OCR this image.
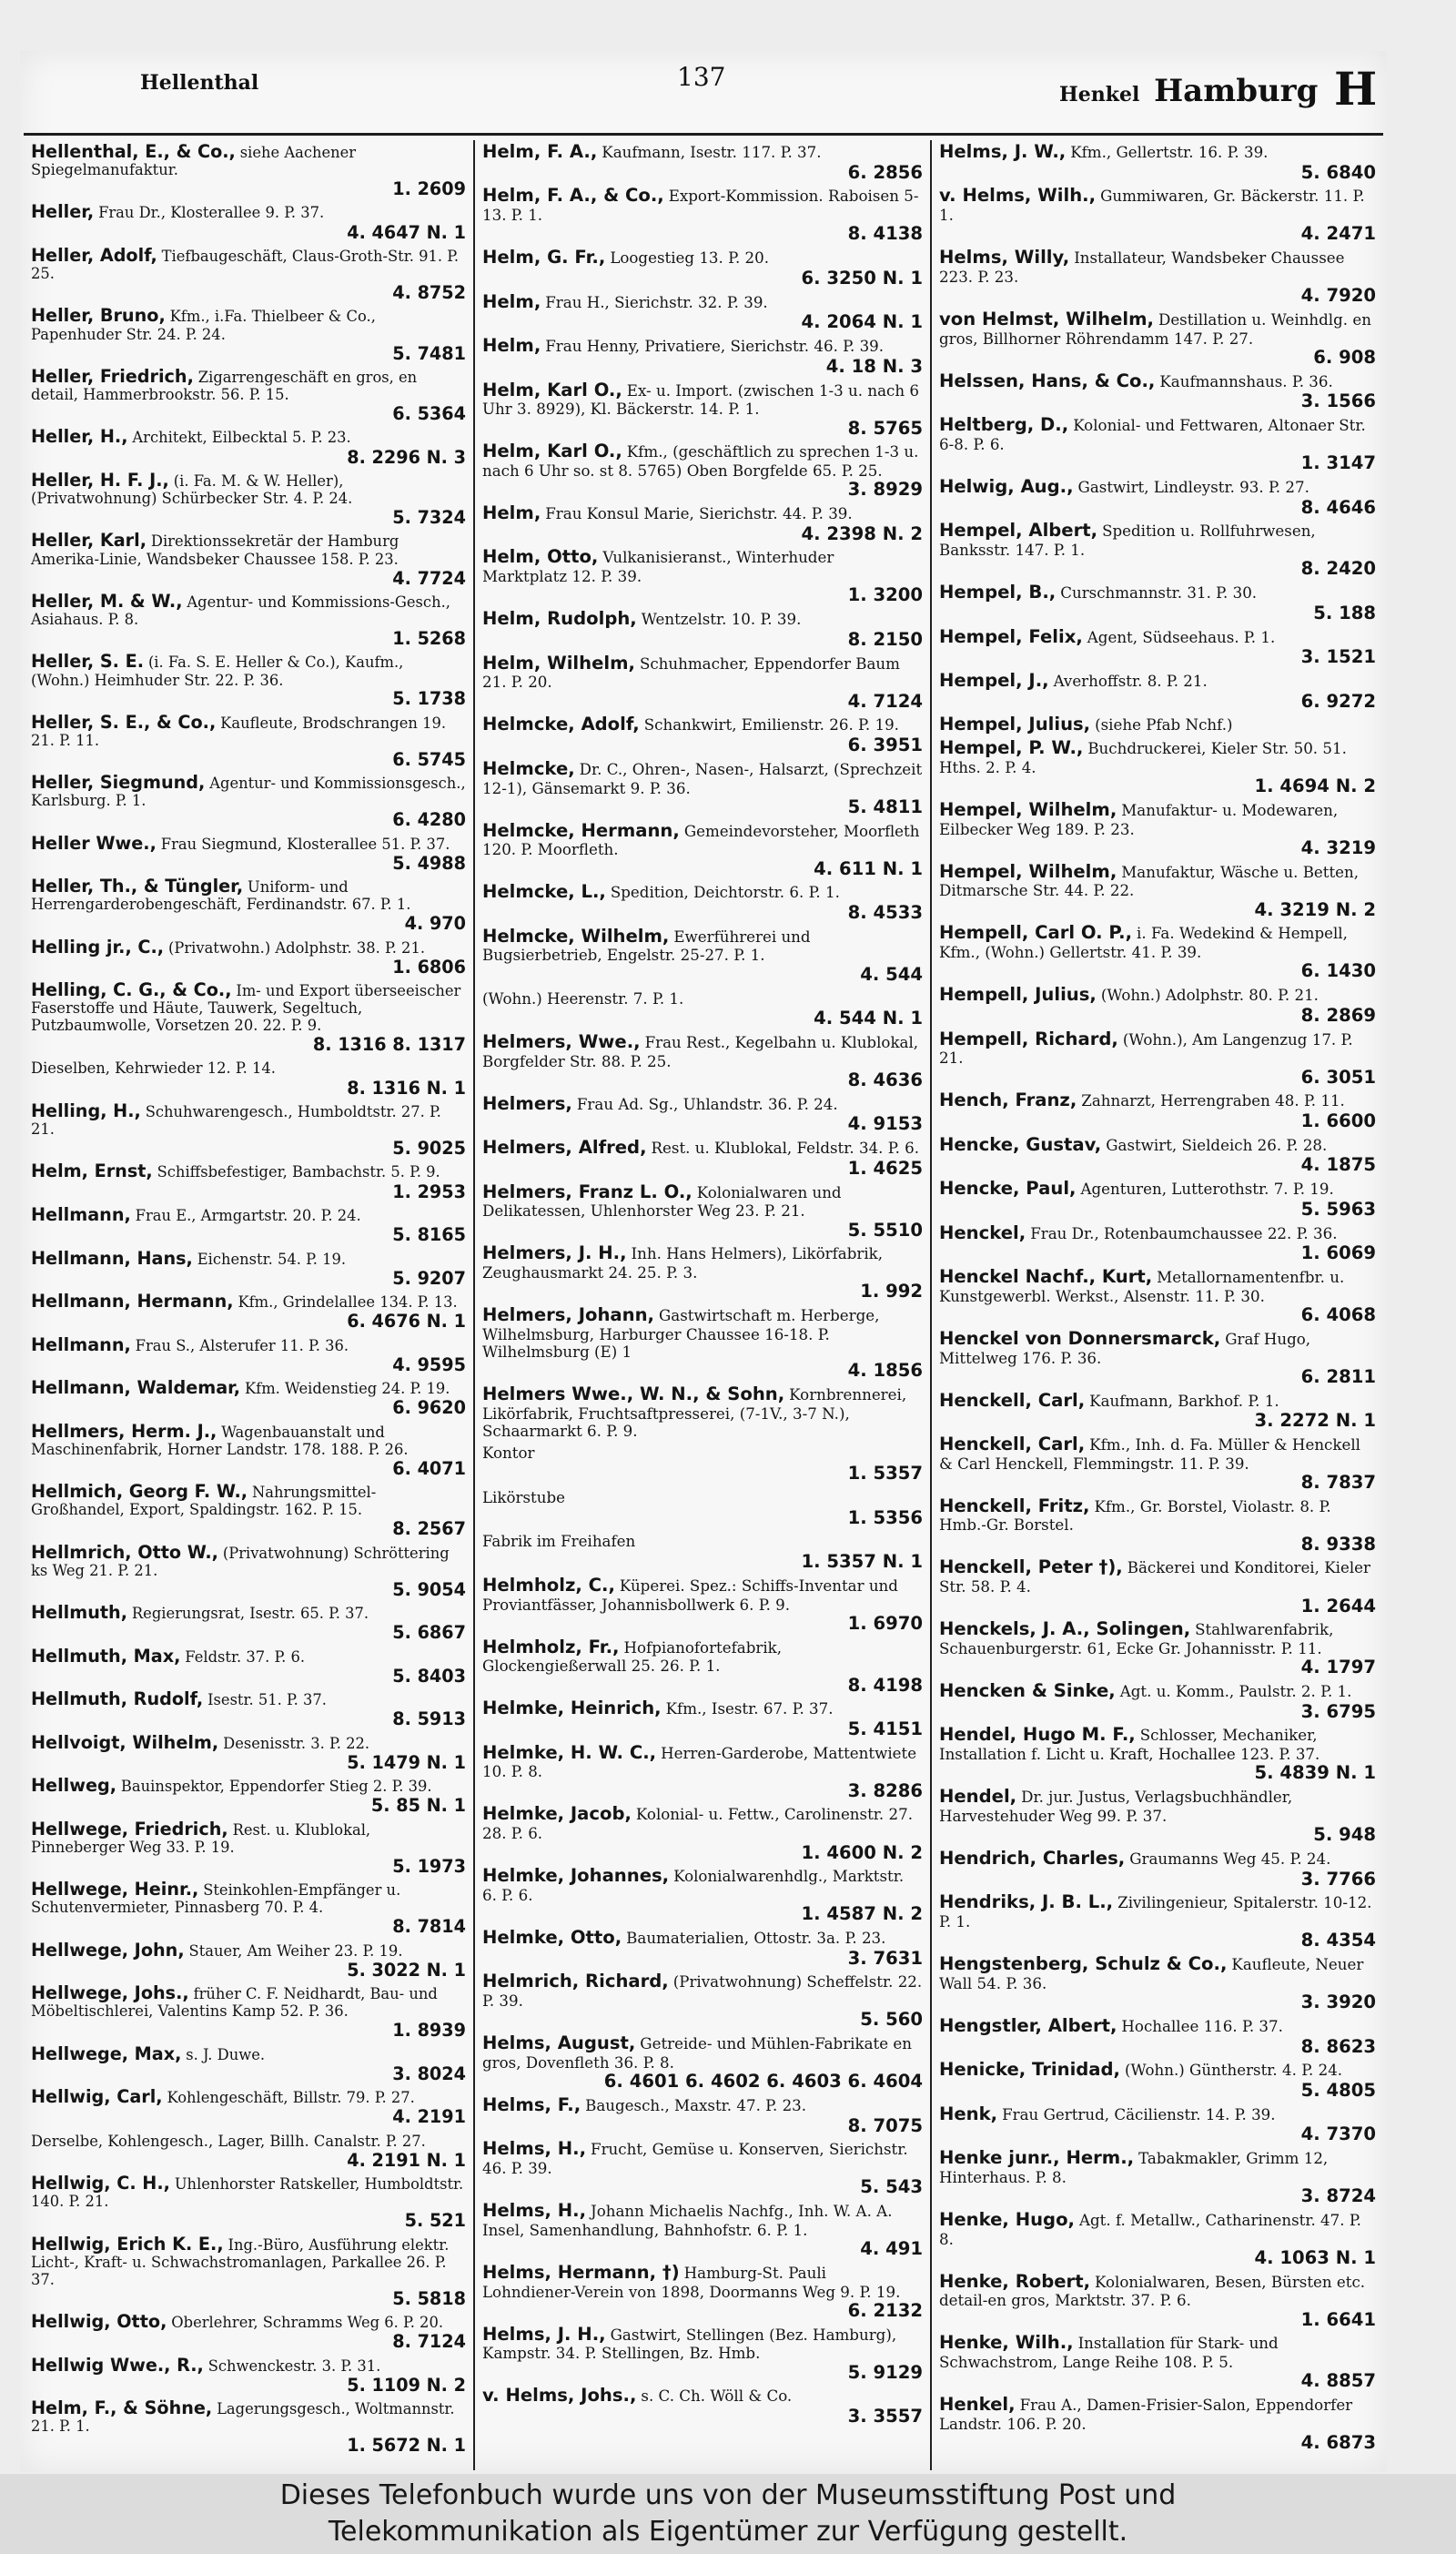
Hellenthal	137
Henkel Hamburg H
Hellenthal, E., & Co., siehe Aachener Spiegelmanufaktur.
1. 2609
Heller, Frau Dr., Klosterallee 9. P. 37.
4. 4647 N. 1
Heller, Adolf, Tiefbaugeschäft, Claus-Groth-Str. 91. P. 25.
4. 8752
Heller, Bruno, Kfm., i.Fa. Thielbeer & Co., Papenhuder Str. 24. P. 24.
5. 7481
Heller, Friedrich, Zigarrengeschäft en gros, en detail, Hammerbrookstr. 56. P. 15.
6. 5364
Heller, H., Architekt, Eilbecktal 5. P. 23.
8. 2296 N. 3
Heller, H. F. J., (i. Fa. M. & W. Heller), (Privatwohnung) Schürbecker Str. 4. P. 24.
5. 7324
Heller, Karl, Direktionssekretär der Hamburg Amerika-Linie, Wandsbeker Chaussee 158. P. 23.
4. 7724
Heller, M. & W., Agentur- und Kommissions-Gesch., Asiahaus. P. 8.
1. 5268
Heller, S. E. (i. Fa. S. E. Heller & Co.), Kaufm., (Wohn.) Heimhuder Str. 22. P. 36.
5. 1738
Heller, S. E., & Co., Kaufleute, Brodschrangen 19. 21. P. 11.
6. 5745
Heller, Siegmund, Agentur- und Kommissionsgesch., Karlsburg. P. 1.
6. 4280
Heller Wwe., Frau Siegmund, Klosterallee 51. P. 37.
5. 4988
Heller, Th., & Tüngler, Uniform- und Herrengarderobengeschäft, Ferdinandstr. 67. P. 1.
4. 970
Helling jr., C., (Privatwohn.) Adolphstr. 38. P. 21.
1. 6806
Helling, C. G., & Co., Im- und Export überseeischer Faserstoffe und Häute, Tauwerk, Segeltuch, Putzbaumwolle, Vorsetzen 20. 22. P. 9.
8. 1316 8. 1317
Dieselben, Kehrwieder 12. P. 14.
8. 1316 N. 1
Helling, H., Schuhwarengesch., Humboldtstr. 27. P. 21.
5. 9025
Helm, Ernst, Schiffsbefestiger, Bambachstr. 5. P. 9.
1. 2953
Hellmann, Frau E., Armgartstr. 20. P. 24.
5. 8165
Hellmann, Hans, Eichenstr. 54. P. 19.
5. 9207
Hellmann, Hermann, Kfm., Grindelallee 134. P. 13.
6. 4676 N. 1
Hellmann, Frau S., Alsterufer 11. P. 36.
4. 9595
Hellmann, Waldemar, Kfm. Weidenstieg 24. P. 19.
6. 9620
Hellmers, Herm. J., Wagenbauanstalt und Maschinenfabrik, Horner Landstr. 178. 188. P. 26.
6. 4071
Hellmich, Georg F. W., Nahrungsmittel-Großhandel, Export, Spaldingstr. 162. P. 15.
8. 2567
Hellmrich, Otto W., (Privatwohnung) Schröttering ks Weg 21. P. 21.
5. 9054
Hellmuth, Regierungsrat, Isestr. 65. P. 37.
5. 6867
Hellmuth, Max, Feldstr. 37. P. 6.
5. 8403
Hellmuth, Rudolf, Isestr. 51. P. 37.
8. 5913
Hellvoigt, Wilhelm, Desenisstr. 3. P. 22.
5. 1479 N. 1
Hellweg, Bauinspektor, Eppendorfer Stieg 2. P. 39.
5. 85 N. 1
Hellwege, Friedrich, Rest. u. Klublokal, Pinneberger Weg 33. P. 19.
5. 1973
Hellwege, Heinr., Steinkohlen-Empfänger u. Schutenvermieter, Pinnasberg 70. P. 4.
8. 7814
Hellwege, John, Stauer, Am Weiher 23. P. 19.
5. 3022 N. 1
Hellwege, Johs., früher C. F. Neidhardt, Bau- und Möbeltischlerei, Valentins Kamp 52. P. 36.
1. 8939
Hellwege, Max, s. J. Duwe.
3. 8024
Hellwig, Carl, Kohlengeschäft, Billstr. 79. P. 27.
4. 2191
Derselbe, Kohlengesch., Lager, Billh. Canalstr. P. 27.
4. 2191 N. 1
Hellwig, C. H., Uhlenhorster Ratskeller, Humboldtstr. 140. P. 21.
5. 521
Hellwig, Erich K. E., Ing.-Büro, Ausführung elektr. Licht-, Kraft- u. Schwachstromanlagen, Parkallee 26. P. 37.
5. 5818
Hellwig, Otto, Oberlehrer, Schramms Weg 6. P. 20.
8. 7124
Hellwig Wwe., R., Schwenckestr. 3. P. 31.
5. 1109 N. 2
Helm, F., & Söhne, Lagerungsgesch., Woltmannstr. 21. P. 1.
1. 5672 N. 1
Helm, F. A., Kaufmann, Isestr. 117. P. 37.
6. 2856
Helm, F. A., & Co., Export-Kommission. Raboisen 5-13. P. 1.
8. 4138
Helm, G. Fr., Loogestieg 13. P. 20.
6. 3250 N. 1
Helm, Frau H., Sierichstr. 32. P. 39.
4. 2064 N. 1
Helm, Frau Henny, Privatiere, Sierichstr. 46. P. 39.
4. 18 N. 3
Helm, Karl O., Ex- u. Import. (zwischen 1-3 u. nach 6 Uhr 3. 8929), Kl. Bäckerstr. 14. P. 1.
8. 5765
Helm, Karl O., Kfm., (geschäftlich zu sprechen 1-3 u. nach 6 Uhr so. st 8. 5765) Oben Borgfelde 65. P. 25.
3. 8929
Helm, Frau Konsul Marie, Sierichstr. 44. P. 39.
4. 2398 N. 2
Helm, Otto, Vulkanisieranst., Winterhuder Marktplatz 12. P. 39.
1. 3200
Helm, Rudolph, Wentzelstr. 10. P. 39.
8. 2150
Helm, Wilhelm, Schuhmacher, Eppendorfer Baum 21. P. 20.
4. 7124
Helmcke, Adolf, Schankwirt, Emilienstr. 26. P. 19.
6. 3951
Helmcke, Dr. C., Ohren-, Nasen-, Halsarzt, (Sprechzeit 12-1), Gänsemarkt 9. P. 36.
5. 4811
Helmcke, Hermann, Gemeindevorsteher, Moorfleth 120. P. Moorfleth.
4. 611 N. 1
Helmcke, L., Spedition, Deichtorstr. 6. P. 1.
8. 4533
Helmcke, Wilhelm, Ewerführerei und Bugsierbetrieb, Engelstr. 25-27. P. 1.
4. 544
(Wohn.) Heerenstr. 7. P. 1.
4. 544 N. 1
Helmers, Wwe., Frau Rest., Kegelbahn u. Klublokal, Borgfelder Str. 88. P. 25.
8. 4636
Helmers, Frau Ad. Sg., Uhlandstr. 36. P. 24.
4. 9153
Helmers, Alfred, Rest. u. Klublokal, Feldstr. 34. P. 6.
1. 4625
Helmers, Franz L. O., Kolonialwaren und Delikatessen, Uhlenhorster Weg 23. P. 21.
5. 5510
Helmers, J. H., Inh. Hans Helmers), Likörfabrik, Zeughausmarkt 24. 25. P. 3.
1. 992
Helmers, Johann, Gastwirtschaft m. Herberge, Wilhelmsburg, Harburger Chaussee 16-18. P. Wilhelmsburg (E) 1
4. 1856
Helmers Wwe., W. N., & Sohn, Kornbrennerei, Likörfabrik, Fruchtsaftpresserei, (7-1V., 3-7 N.), Schaarmarkt 6. P. 9.
Kontor
1. 5357
Likörstube
1. 5356
Fabrik im Freihafen
1. 5357 N. 1
Helmholz, C., Küperei. Spez.: Schiffs-Inventar und Proviantfässer, Johannisbollwerk 6. P. 9.
1. 6970
Helmholz, Fr., Hofpianofortefabrik, Glockengießerwall 25. 26. P. 1.
8. 4198
Helmke, Heinrich, Kfm., Isestr. 67. P. 37.
5. 4151
Helmke, H. W. C., Herren-Garderobe, Mattentwiete 10. P. 8.
3. 8286
Helmke, Jacob, Kolonial- u. Fettw., Carolinenstr. 27. 28. P. 6.
1. 4600 N. 2
Helmke, Johannes, Kolonialwarenhdlg., Marktstr. 6. P. 6.
1. 4587 N. 2
Helmke, Otto, Baumaterialien, Ottostr. 3a. P. 23.
3. 7631
Helmrich, Richard, (Privatwohnung) Scheffelstr. 22. P. 39.
5. 560
Helms, August, Getreide- und Mühlen-Fabrikate en gros, Dovenfleth 36. P. 8.
6. 4601 6. 4602 6. 4603 6. 4604
Helms, F., Baugesch., Maxstr. 47. P. 23.
8. 7075
Helms, H., Frucht, Gemüse u. Konserven, Sierichstr. 46. P. 39.
5. 543
Helms, H., Johann Michaelis Nachfg., Inh. W. A. A. Insel, Samenhandlung, Bahnhofstr. 6. P. 1.
4. 491
Helms, Hermann, †) Hamburg-St. Pauli Lohndiener-Verein von 1898, Doormanns Weg 9. P. 19.
6. 2132
Helms, J. H., Gastwirt, Stellingen (Bez. Hamburg), Kampstr. 34. P. Stellingen, Bz. Hmb.
5. 9129
v. Helms, Johs., s. C. Ch. Wöll & Co.
3. 3557
Helms, J. W., Kfm., Gellertstr. 16. P. 39.
5. 6840
v. Helms, Wilh., Gummiwaren, Gr. Bäckerstr. 11. P. 1.
4. 2471
Helms, Willy, Installateur, Wandsbeker Chaussee 223. P. 23.
4. 7920
von Helmst, Wilhelm, Destillation u. Weinhdlg. en gros, Billhorner Röhrendamm 147. P. 27.
6. 908
Helssen, Hans, & Co., Kaufmannshaus. P. 36.
3. 1566
Heltberg, D., Kolonial- und Fettwaren, Altonaer Str. 6-8. P. 6.
1. 3147
Helwig, Aug., Gastwirt, Lindleystr. 93. P. 27.
8. 4646
Hempel, Albert, Spedition u. Rollfuhrwesen, Banksstr. 147. P. 1.
8. 2420
Hempel, B., Curschmannstr. 31. P. 30.
5. 188
Hempel, Felix, Agent, Südseehaus. P. 1.
3. 1521
Hempel, J., Averhoffstr. 8. P. 21.
6. 9272
Hempel, Julius, (siehe Pfab Nchf.)
Hempel, P. W., Buchdruckerei, Kieler Str. 50. 51. Hths. 2. P. 4.
1. 4694 N. 2
Hempel, Wilhelm, Manufaktur- u. Modewaren, Eilbecker Weg 189. P. 23.
4. 3219
Hempel, Wilhelm, Manufaktur, Wäsche u. Betten, Ditmarsche Str. 44. P. 22.
4. 3219 N. 2
Hempell, Carl O. P., i. Fa. Wedekind & Hempell, Kfm., (Wohn.) Gellertstr. 41. P. 39.
6. 1430
Hempell, Julius, (Wohn.) Adolphstr. 80. P. 21.
8. 2869
Hempell, Richard, (Wohn.), Am Langenzug 17. P. 21.
6. 3051
Hench, Franz, Zahnarzt, Herrengraben 48. P. 11.
1. 6600
Hencke, Gustav, Gastwirt, Sieldeich 26. P. 28.
4. 1875
Hencke, Paul, Agenturen, Lutterothstr. 7. P. 19.
5. 5963
Henckel, Frau Dr., Rotenbaumchaussee 22. P. 36.
1. 6069
Henckel Nachf., Kurt, Metallornamentenfbr. u. Kunstgewerbl. Werkst., Alsenstr. 11. P. 30.
6. 4068
Henckel von Donnersmarck, Graf Hugo, Mittelweg 176. P. 36.
6. 2811
Henckell, Carl, Kaufmann, Barkhof. P. 1.
3. 2272 N. 1
Henckell, Carl, Kfm., Inh. d. Fa. Müller & Henckell & Carl Henckell, Flemmingstr. 11. P. 39.
8. 7837
Henckell, Fritz, Kfm., Gr. Borstel, Violastr. 8. P. Hmb.-Gr. Borstel.
8. 9338
Henckell, Peter †), Bäckerei und Konditorei, Kieler Str. 58. P. 4.
1. 2644
Henckels, J. A., Solingen, Stahlwarenfabrik, Schauenburgerstr. 61, Ecke Gr. Johannisstr. P. 11.
4. 1797
Hencken & Sinke, Agt. u. Komm., Paulstr. 2. P. 1.
3. 6795
Hendel, Hugo M. F., Schlosser, Mechaniker, Installation f. Licht u. Kraft, Hochallee 123. P. 37.
5. 4839 N. 1
Hendel, Dr. jur. Justus, Verlagsbuchhändler, Harvestehuder Weg 99. P. 37.
5. 948
Hendrich, Charles, Graumanns Weg 45. P. 24.
3. 7766
Hendriks, J. B. L., Zivilingenieur, Spitalerstr. 10-12. P. 1.
8. 4354
Hengstenberg, Schulz & Co., Kaufleute, Neuer Wall 54. P. 36.
3. 3920
Hengstler, Albert, Hochallee 116. P. 37.
8. 8623
Henicke, Trinidad, (Wohn.) Güntherstr. 4. P. 24.
5. 4805
Henk, Frau Gertrud, Cäcilienstr. 14. P. 39.
4. 7370
Henke junr., Herm., Tabakmakler, Grimm 12, Hinterhaus. P. 8.
3. 8724
Henke, Hugo, Agt. f. Metallw., Catharinenstr. 47. P. 8.
4. 1063 N. 1
Henke, Robert, Kolonialwaren, Besen, Bürsten etc. detail-en gros, Marktstr. 37. P. 6.
1. 6641
Henke, Wilh., Installation für Stark- und Schwachstrom, Lange Reihe 108. P. 5.
4. 8857
Henkel, Frau A., Damen-Frisier-Salon, Eppendorfer Landstr. 106. P. 20.
4. 6873
Dieses Telefonbuch wurde uns von der Museumsstiftung Post und
Telekommunikation als Eigentümer zur Verfügung gestellt.
